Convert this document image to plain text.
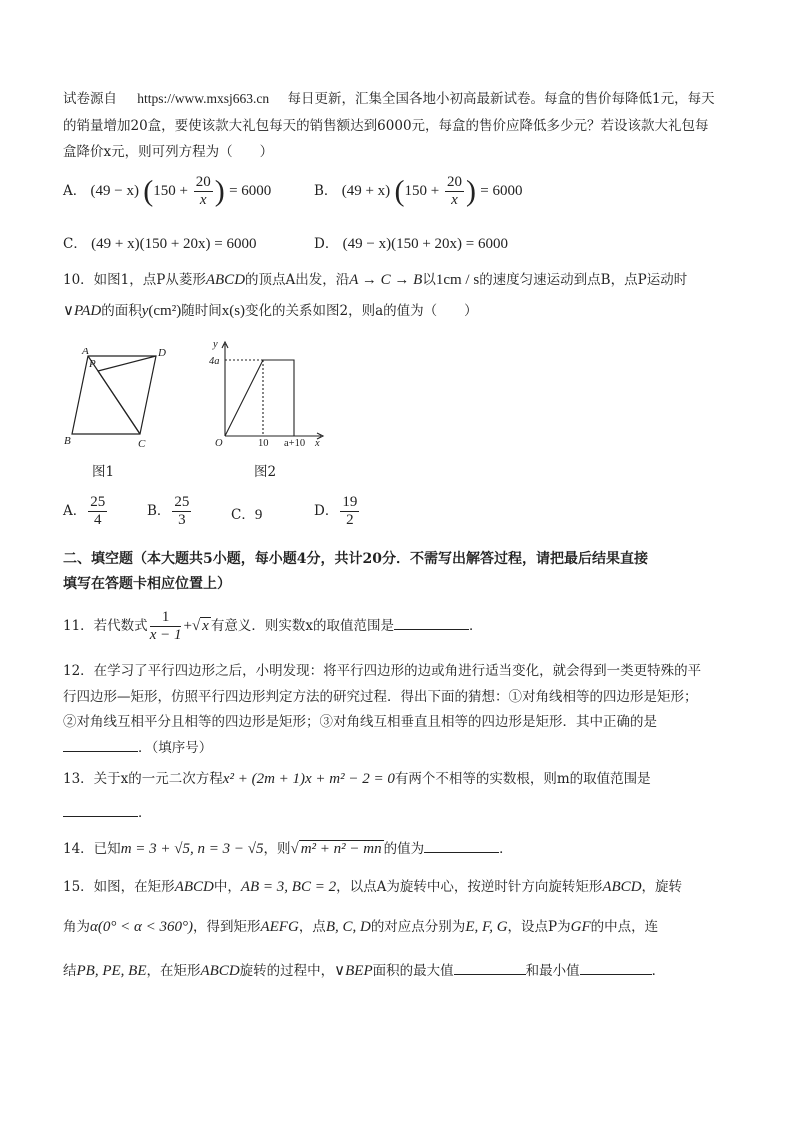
试卷源自 https://www.mxsj663.cn 每日更新，汇集全国各地小初高最新试卷。每盒的售价每降低1元，每天
的销量增加20盒，要使该款大礼包每天的销售额达到6000元，每盒的售价应降低多少元？若设该款大礼包每
盒降价x元，则可列方程为（　　）
A． (49 − x) ($150 + \frac{20}{x}$ ) = 6000	B． (49 + x) ($150 + \frac{20}{x}$ ) = 6000
C． (49 + x)(150 + 20x) = 6000	D． (49 − x)(150 + 20x) = 6000
10．如图1，点P从菱形ABCD的顶点A出发，沿A → C → B以1cm / s的速度匀速运动到点B，点P运动时
∨PAD的面积y(cm²)随时间x(s)变化的关系如图2，则a的值为（　　）
A	D
P
B	C
图1
y
4a
O	10 a+10 x
图2
A． $\frac{25}{4}$	B． $\frac{25}{3}$	C．9	D． $\frac{19}{2}$
二、填空题（本大题共5小题，每小题4分，共计20分．不需写出解答过程，请把最后结果直接
填写在答题卡相应位置上）
11．若代数式 $\frac{1}{x - 1}$ +√ x 有意义．则实数x的取值范围是	．
12．在学习了平行四边形之后，小明发现：将平行四边形的边或角进行适当变化，就会得到一类更特殊的平
行四边形—矩形，仿照平行四边形判定方法的研究过程．得出下面的猜想：①对角线相等的四边形是矩形；
②对角线互相平分且相等的四边形是矩形；③对角线互相垂直且相等的四边形是矩形．其中正确的是
．（填序号）
13．关于x的一元二次方程x² + (2m + 1)x + m² − 2 = 0有两个不相等的实数根，则m的取值范围是
．
14．已知m = 3 + √5, n = 3 − √5，则√ m² + n² − mn 的值为	．
15．如图，在矩形ABCD中，AB = 3, BC = 2，以点A为旋转中心，按逆时针方向旋转矩形ABCD，旋转
角为α(0° < α < 360°)，得到矩形AEFG，点B, C, D的对应点分别为E, F, G，设点P为GF的中点，连
结PB, PE, BE，在矩形ABCD旋转的过程中，∨BEP面积的最大值	和最小值	．
